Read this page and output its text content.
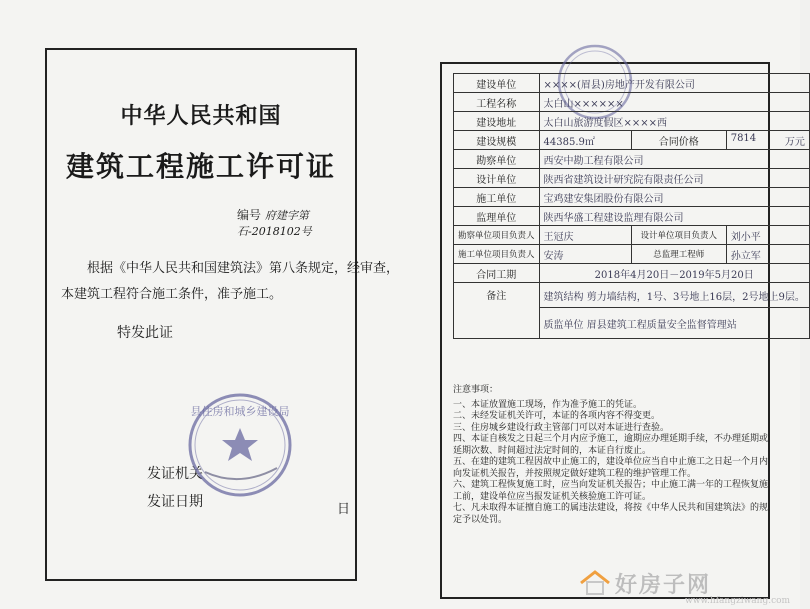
中华人民共和国
建筑工程施工许可证
编号 府建字第石-2018102号
根据《中华人民共和国建筑法》第八条规定，经审查，
本建筑工程符合施工条件，准予施工。
特发此证
发证机关
发证日期	日
县住房和城乡建设局
建设单位	××××(眉县)房地产开发有限公司		
工程名称	太白山××××××		
建设地址	太白山旅游度假区××××西		
建设规模	44385.9㎡	合同价格	7814 万元

勘察单位	西安中勘工程有限公司		
设计单位	陕西省建筑设计研究院有限责任公司		
施工单位	宝鸡建安集团股份有限公司		
监理单位	陕西华盛工程建设监理有限公司		
勘察单位项目负责人	王冠庆	设计单位项目负责人	刘小平
施工单位项目负责人	安涛	总监理工程师	孙立军
合同工期	2018年4月20日－2019年5月20日		
备注	建筑结构 剪力墙结构，1号、3号地上16层，2号地上9层。		
	质监单位 眉县建筑工程质量安全监督管理站		
注意事项：
一、本证放置施工现场，作为准予施工的凭证。
二、未经发证机关许可，本证的各项内容不得变更。
三、住房城乡建设行政主管部门可以对本证进行查验。
四、本证自核发之日起三个月内应予施工，逾期应办理延期手续，不办理延期或延期次数、时间超过法定时间的，本证自行废止。
五、在建的建筑工程因故中止施工的，建设单位应当自中止施工之日起一个月内向发证机关报告，并按照规定做好建筑工程的维护管理工作。
六、建筑工程恢复施工时，应当向发证机关报告；中止施工满一年的工程恢复施工前，建设单位应当报发证机关核验施工许可证。
七、凡未取得本证擅自施工的属违法建设，将按《中华人民共和国建筑法》的规定予以处罚。
好房子网
www.hfangziwang.com
